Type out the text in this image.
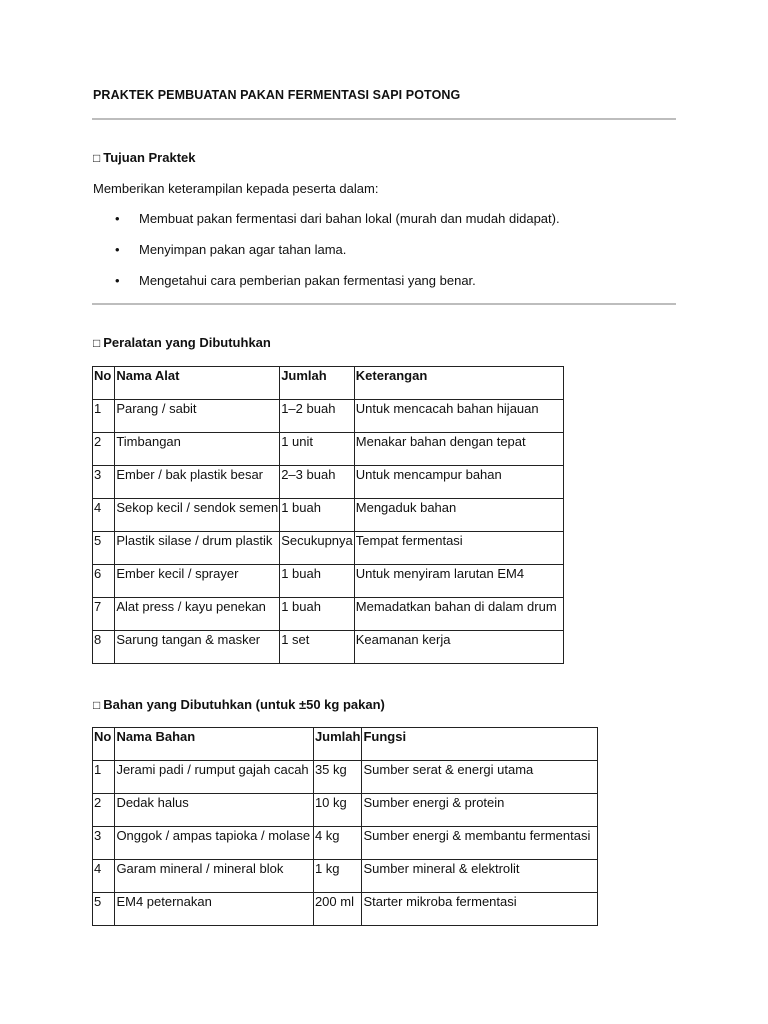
PRAKTEK PEMBUATAN PAKAN FERMENTASI SAPI POTONG
□ Tujuan Praktek
Memberikan keterampilan kepada peserta dalam:
• Membuat pakan fermentasi dari bahan lokal (murah dan mudah didapat).
• Menyimpan pakan agar tahan lama.
• Mengetahui cara pemberian pakan fermentasi yang benar.
□ Peralatan yang Dibutuhkan
No	Nama Alat	Jumlah	Keterangan
1	Parang / sabit	1–2 buah	Untuk mencacah bahan hijauan
2	Timbangan	1 unit	Menakar bahan dengan tepat
3	Ember / bak plastik besar	2–3 buah	Untuk mencampur bahan
4	Sekop kecil / sendok semen	1 buah	Mengaduk bahan
5	Plastik silase / drum plastik	Secukupnya	Tempat fermentasi
6	Ember kecil / sprayer	1 buah	Untuk menyiram larutan EM4
7	Alat press / kayu penekan	1 buah	Memadatkan bahan di dalam drum
8	Sarung tangan & masker	1 set	Keamanan kerja
□ Bahan yang Dibutuhkan (untuk ±50 kg pakan)
No	Nama Bahan	Jumlah	Fungsi
1	Jerami padi / rumput gajah cacah	35 kg	Sumber serat & energi utama
2	Dedak halus	10 kg	Sumber energi & protein
3	Onggok / ampas tapioka / molase	4 kg	Sumber energi & membantu fermentasi
4	Garam mineral / mineral blok	1 kg	Sumber mineral & elektrolit
5	EM4 peternakan	200 ml	Starter mikroba fermentasi
